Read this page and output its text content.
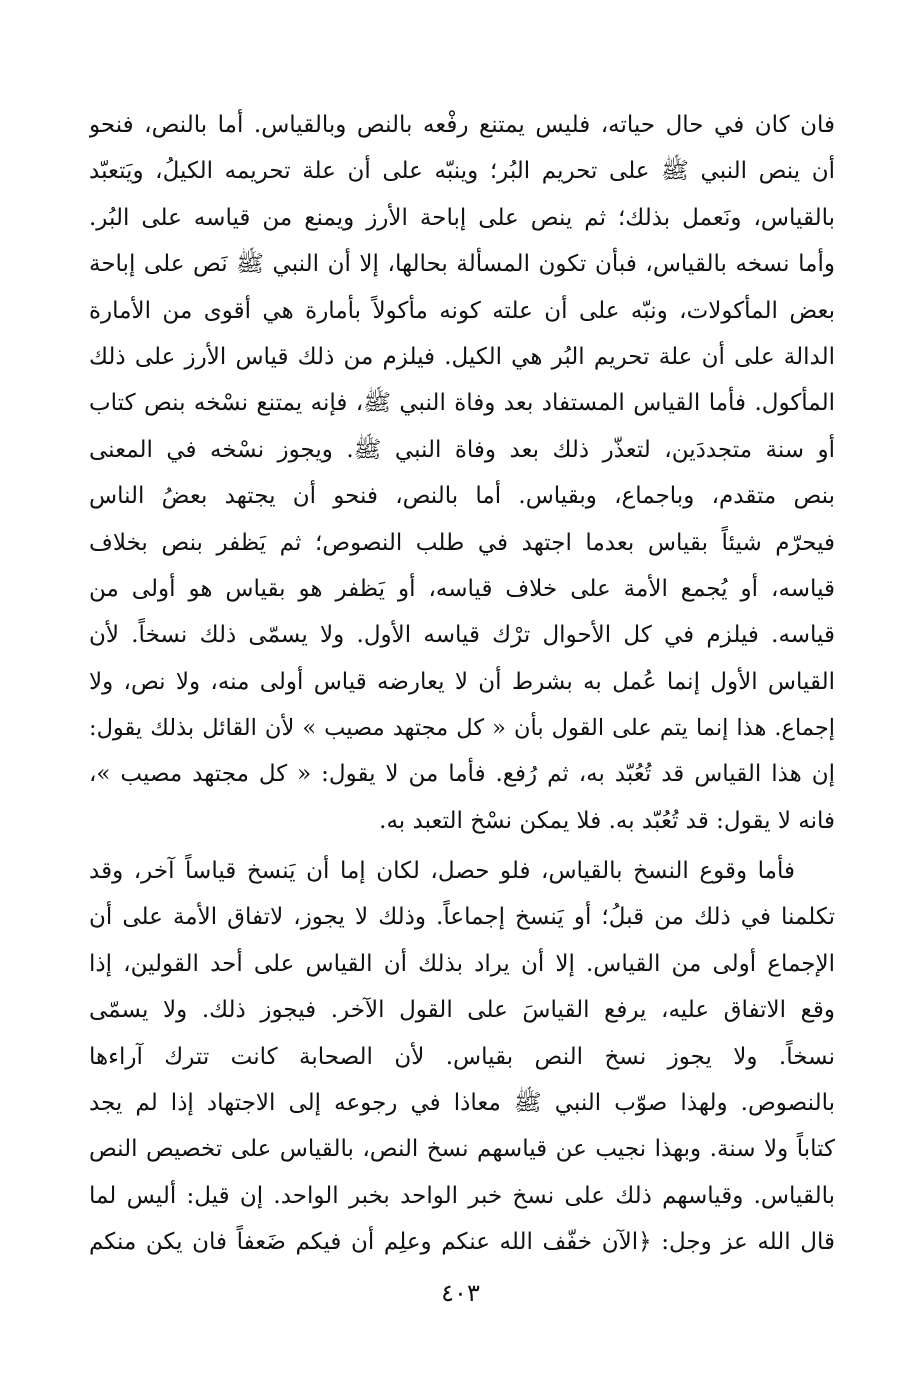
فان كان في حال حياته، فليس يمتنع رفْعه بالنص وبالقياس. أما بالنص، فنحو
أن ينص النبي ﷺ على تحريم البُر؛ وينبّه على أن علة تحريمه الكيلُ، ويَتعبّد
بالقياس، ونَعمل بذلك؛ ثم ينص على إباحة الأرز ويمنع من قياسه على البُر.
وأما نسخه بالقياس، فبأن تكون المسألة بحالها، إلا أن النبي ﷺ نَص على إباحة
بعض المأكولات، ونبّه على أن علته كونه مأكولاً بأمارة هي أقوى من الأمارة
الدالة على أن علة تحريم البُر هي الكيل. فيلزم من ذلك قياس الأرز على ذلك
المأكول. فأما القياس المستفاد بعد وفاة النبي ﷺ، فإنه يمتنع نسْخه بنص كتاب
أو سنة متجددَين، لتعذّر ذلك بعد وفاة النبي ﷺ. ويجوز نسْخه في المعنى
بنص متقدم، وباجماع، وبقياس. أما بالنص، فنحو أن يجتهد بعضُ الناس
فيحرّم شيئاً بقياس بعدما اجتهد في طلب النصوص؛ ثم يَظفر بنص بخلاف
قياسه، أو يُجمع الأمة على خلاف قياسه، أو يَظفر هو بقياس هو أولى من
قياسه. فيلزم في كل الأحوال ترْك قياسه الأول. ولا يسمّى ذلك نسخاً. لأن
القياس الأول إنما عُمل به بشرط أن لا يعارضه قياس أولى منه، ولا نص، ولا
إجماع. هذا إنما يتم على القول بأن « كل مجتهد مصيب » لأن القائل بذلك يقول:
إن هذا القياس قد تُعُبّد به، ثم رُفع. فأما من لا يقول: « كل مجتهد مصيب »،
فانه لا يقول: قد تُعُبّد به. فلا يمكن نسْخ التعبد به.
فأما وقوع النسخ بالقياس، فلو حصل، لكان إما أن يَنسخ قياساً آخر، وقد
تكلمنا في ذلك من قبلُ؛ أو يَنسخ إجماعاً. وذلك لا يجوز، لاتفاق الأمة على أن
الإجماع أولى من القياس. إلا أن يراد بذلك أن القياس على أحد القولين، إذا
وقع الاتفاق عليه، يرفع القياسَ على القول الآخر. فيجوز ذلك. ولا يسمّى
نسخاً. ولا يجوز نسخ النص بقياس. لأن الصحابة كانت تترك آراءها
بالنصوص. ولهذا صوّب النبي ﷺ معاذا في رجوعه إلى الاجتهاد إذا لم يجد
كتاباً ولا سنة. وبهذا نجيب عن قياسهم نسخ النص، بالقياس على تخصيص النص
بالقياس. وقياسهم ذلك على نسخ خبر الواحد بخبر الواحد. إن قيل: أليس لما
قال الله عز وجل: ﴿الآن خفّف الله عنكم وعلِم أن فيكم ضَعفاً فان يكن منكم
٤٠٣
